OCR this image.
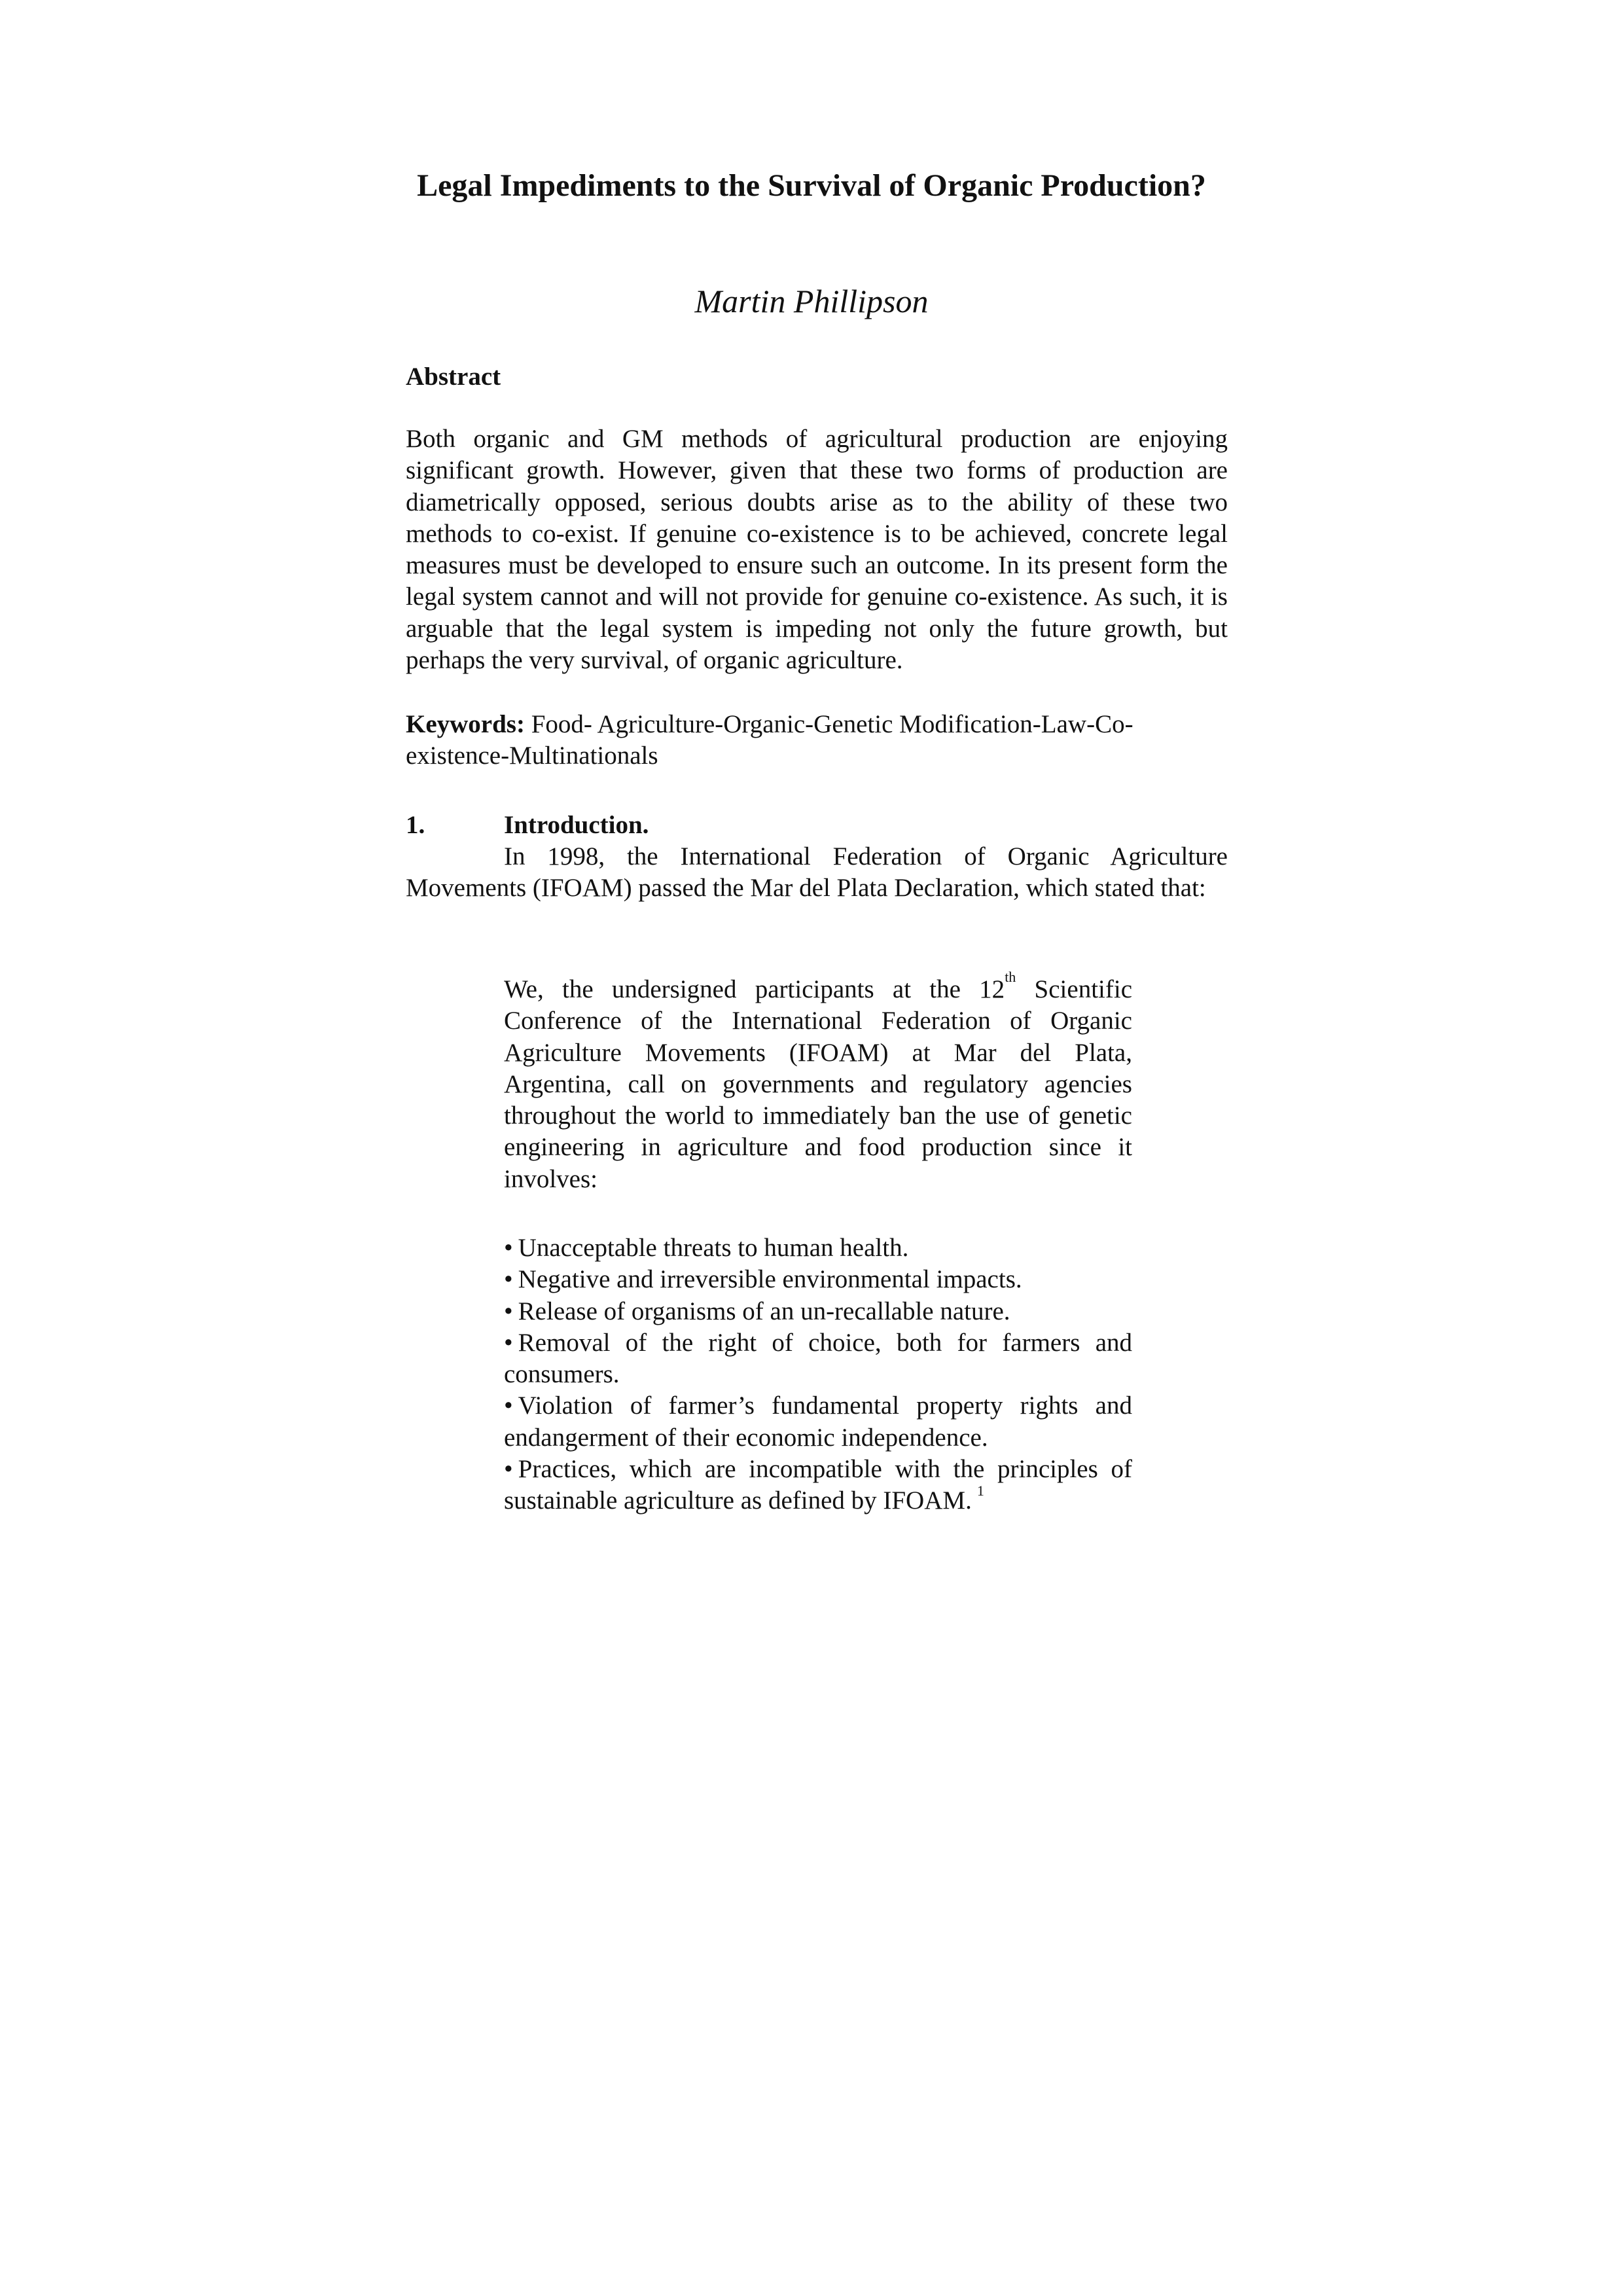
Legal Impediments to the Survival of Organic Production?

Martin Phillipson

Abstract

Both organic and GM methods of agricultural production are enjoying significant growth. However, given that these two forms of production are diametrically opposed, serious doubts arise as to the ability of these two methods to co-exist. If genuine co-existence is to be achieved, concrete legal measures must be developed to ensure such an outcome. In its present form the legal system cannot and will not provide for genuine co-existence. As such, it is arguable that the legal system is impeding not only the future growth, but perhaps the very survival, of organic agriculture.

Keywords: Food- Agriculture-Organic-Genetic Modification-Law-Co-existence-Multinationals

1.	Introduction.

In 1998, the International Federation of Organic Agriculture Movements (IFOAM) passed the Mar del Plata Declaration, which stated that:

We, the undersigned participants at the 12th Scientific Conference of the International Federation of Organic Agriculture Movements (IFOAM) at Mar del Plata, Argentina, call on governments and regulatory agencies throughout the world to immediately ban the use of genetic engineering in agriculture and food production since it involves:

• Unacceptable threats to human health.
• Negative and irreversible environmental impacts.
• Release of organisms of an un-recallable nature.
• Removal of the right of choice, both for farmers and consumers.
• Violation of farmer’s fundamental property rights and endangerment of their economic independence.
• Practices, which are incompatible with the principles of sustainable agriculture as defined by IFOAM. $^1$
